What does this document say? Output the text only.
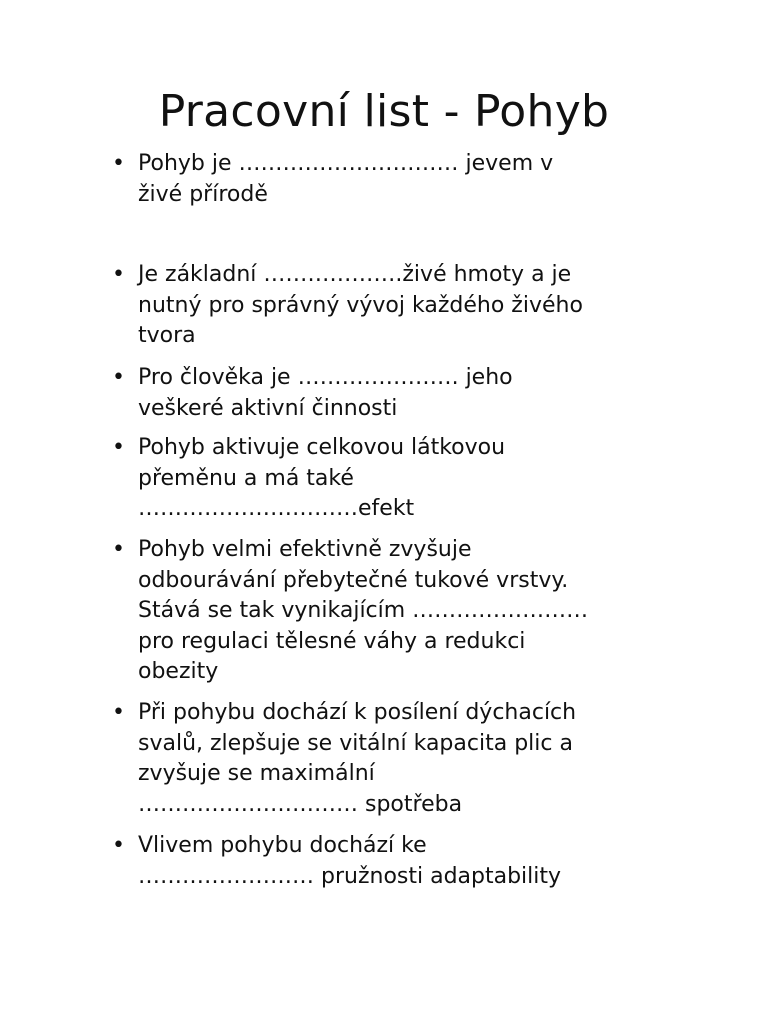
Pracovní list - Pohyb
• Pohyb je ………………………… jevem v
živé přírodě
• Je základní ……………….živé hmoty a je
nutný pro správný vývoj každého živého
tvora
• Pro člověka je …………………. jeho
veškeré aktivní činnosti
• Pohyb aktivuje celkovou látkovou
přeměnu a má také
…………………………efekt
• Pohyb velmi efektivně zvyšuje
odbourávání přebytečné tukové vrstvy.
Stává se tak vynikajícím ……………………
pro regulaci tělesné váhy a redukci
obezity
• Při pohybu dochází k posílení dýchacích
svalů, zlepšuje se vitální kapacita plic a
zvyšuje se maximální
………………………… spotřeba
• Vlivem pohybu dochází ke
…………………… pružnosti adaptability
